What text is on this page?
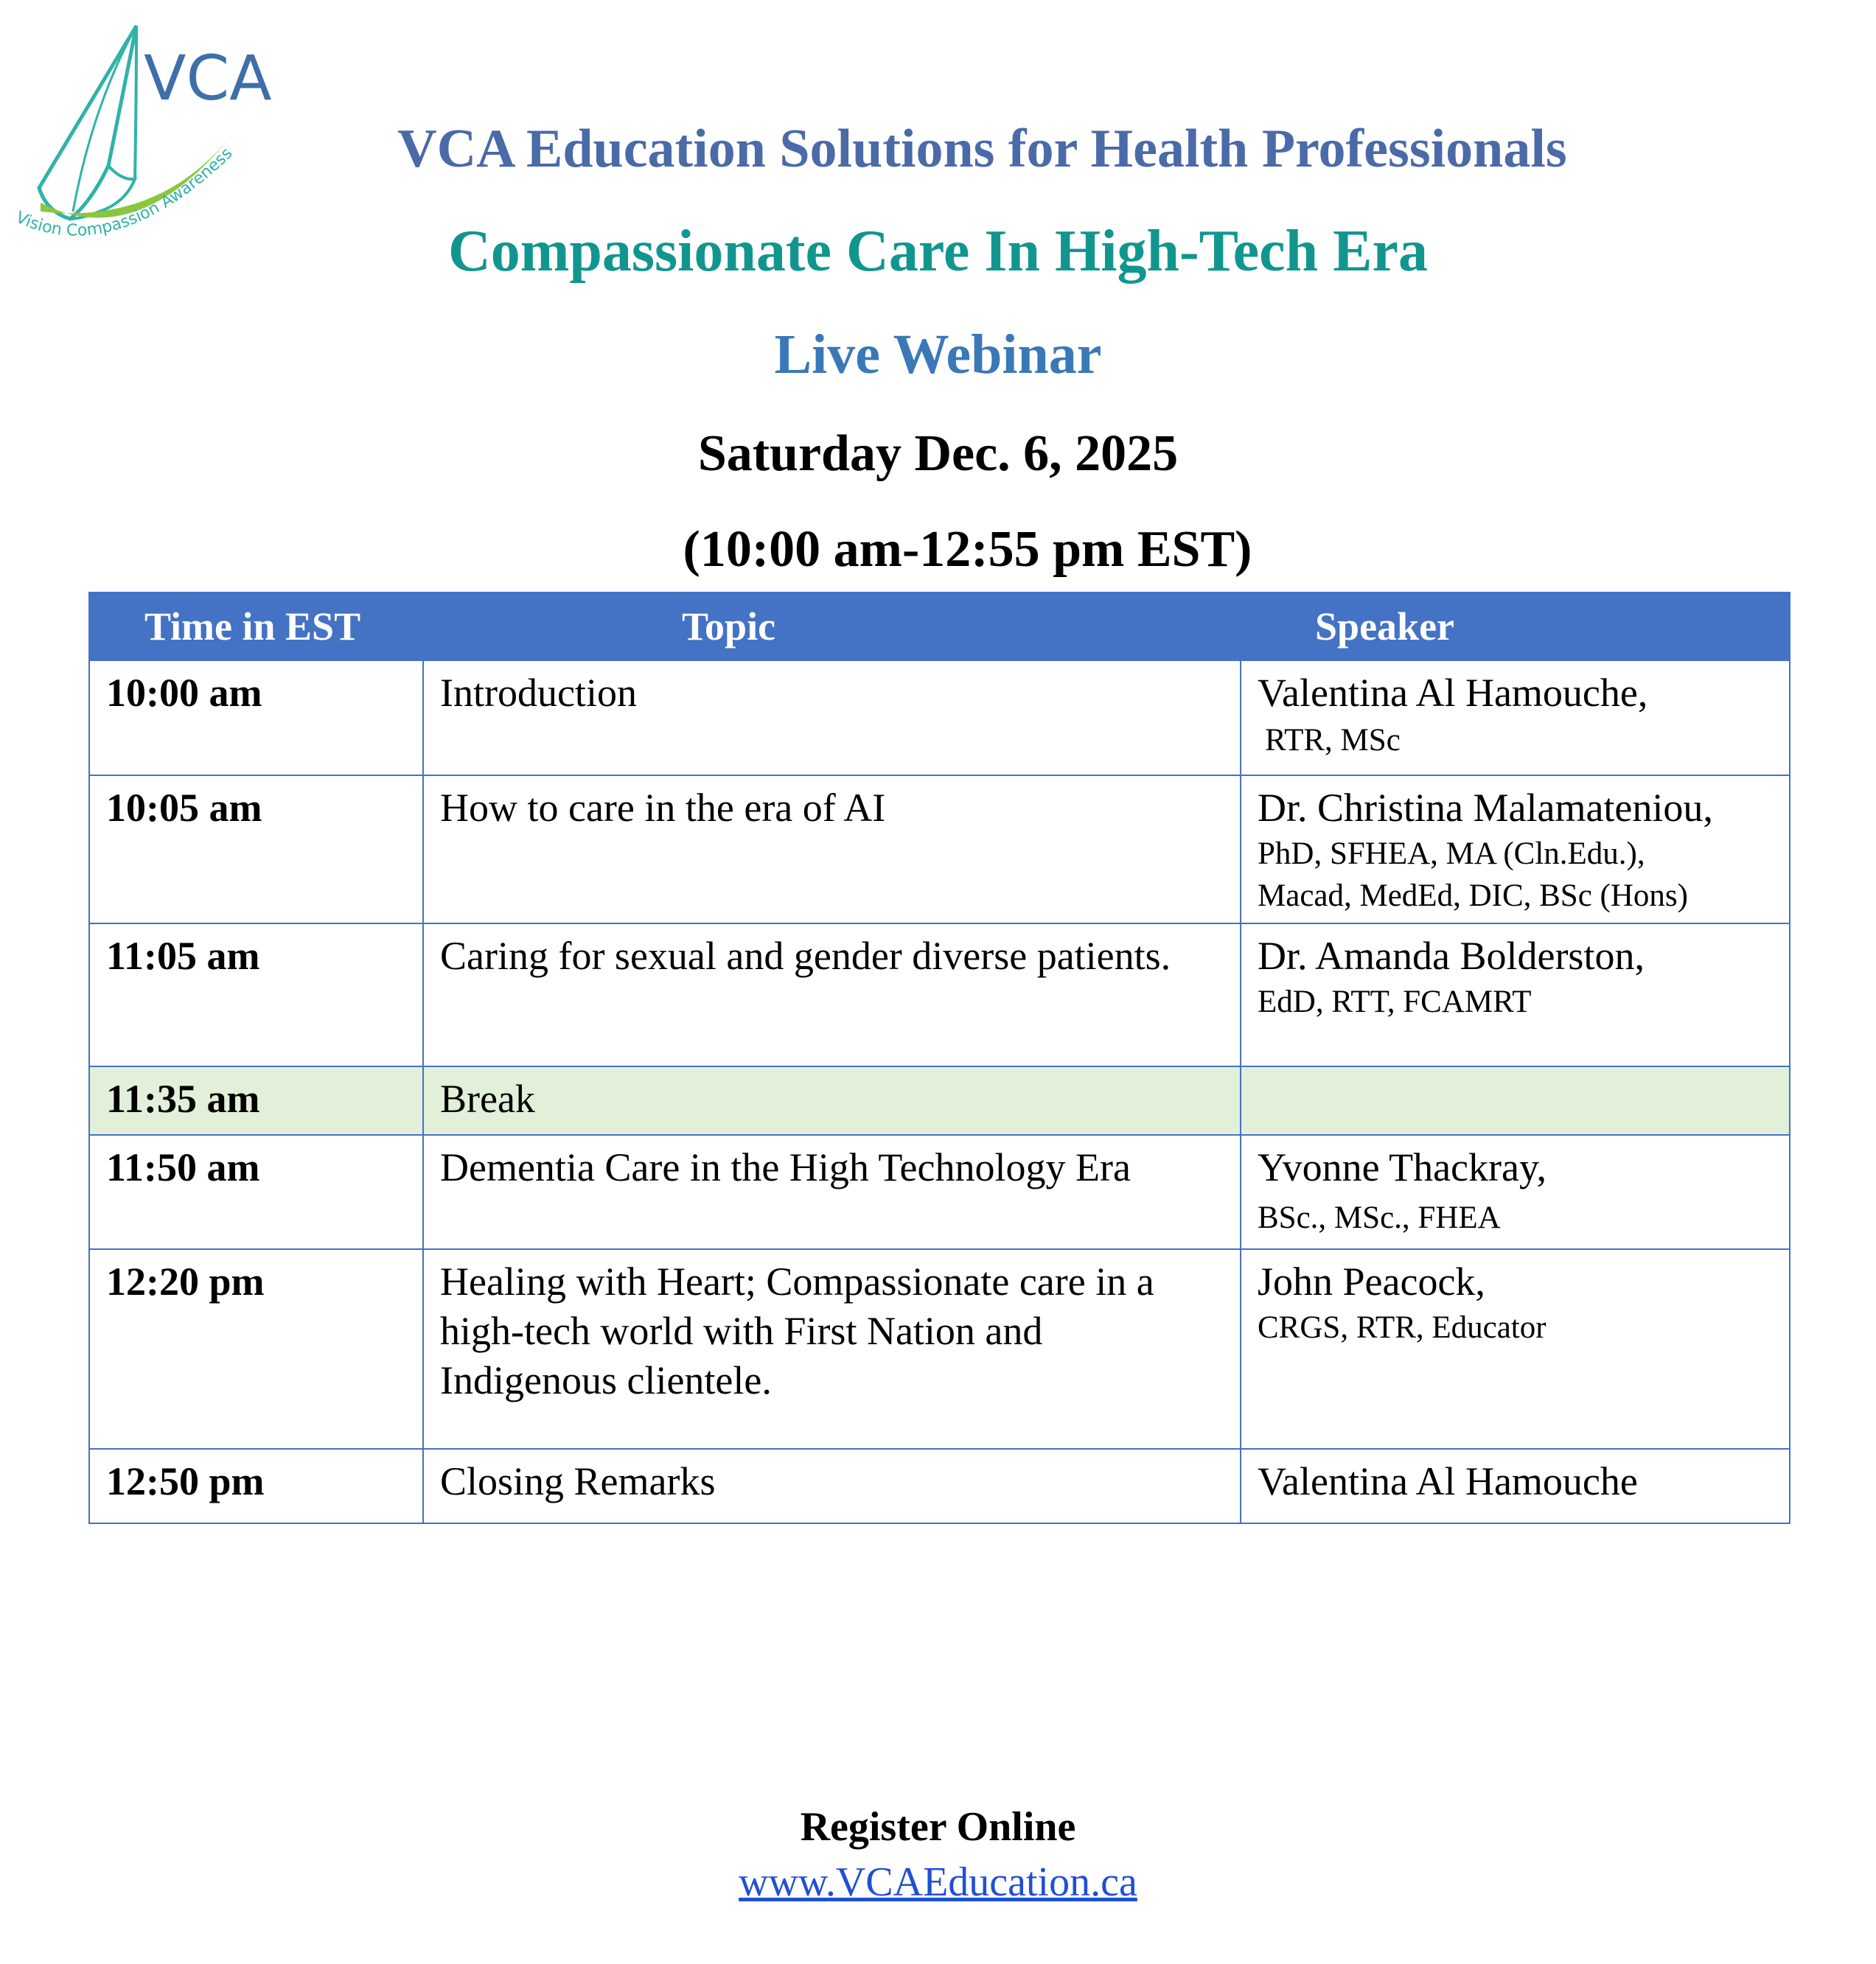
VCA
Vision Compassion Awareness	VCA Education Solutions for Health Professionals
Compassionate Care In High-Tech Era
Live Webinar
Saturday Dec. 6, 2025
(10:00 am-12:55 pm EST)
Time in EST	Topic	Speaker
10:00 am	Introduction	Valentina Al Hamouche,
RTR, MSc

10:05 am	How to care in the era of AI	Dr. Christina Malamateniou,
PhD, SFHEA, MA (Cln.Edu.),
Macad, MedEd, DIC, BSc (Hons)

11:05 am	Caring for sexual and gender diverse patients.	Dr. Amanda Bolderston,
EdD, RTT, FCAMRT

11:35 am	Break	
11:50 am	Dementia Care in the High Technology Era	Yvonne Thackray,
BSc., MSc., FHEA

12:20 pm	Healing with Heart; Compassionate care in a high-tech world with First Nation and Indigenous clientele.	John Peacock,
CRGS, RTR, Educator

12:50 pm	Closing Remarks	Valentina Al Hamouche
Register Online
www.VCAEducation.ca
